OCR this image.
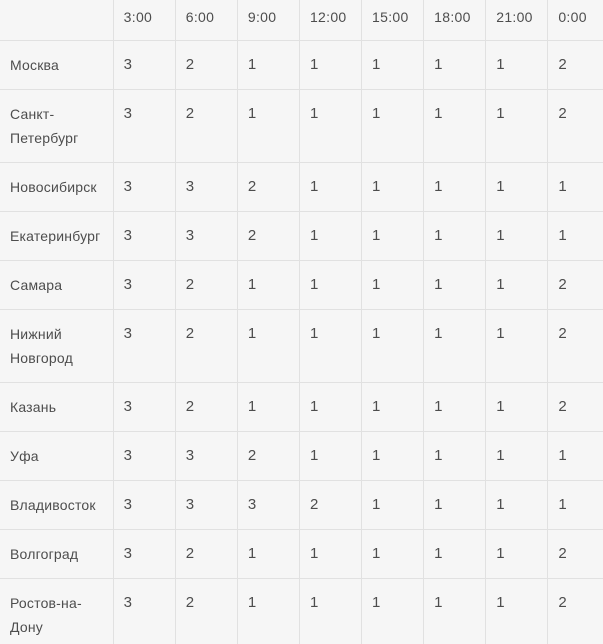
	3:00	6:00	9:00	12:00	15:00	18:00	21:00	0:00
Москва	3	2	1	1	1	1	1	2
Санкт-Петербург	3	2	1	1	1	1	1	2
Новосибирск	3	3	2	1	1	1	1	1
Екатеринбург	3	3	2	1	1	1	1	1
Самара	3	2	1	1	1	1	1	2
Нижний Новгород	3	2	1	1	1	1	1	2
Казань	3	2	1	1	1	1	1	2
Уфа	3	3	2	1	1	1	1	1
Владивосток	3	3	3	2	1	1	1	1
Волгоград	3	2	1	1	1	1	1	2
Ростов-на-Дону	3	2	1	1	1	1	1	2
